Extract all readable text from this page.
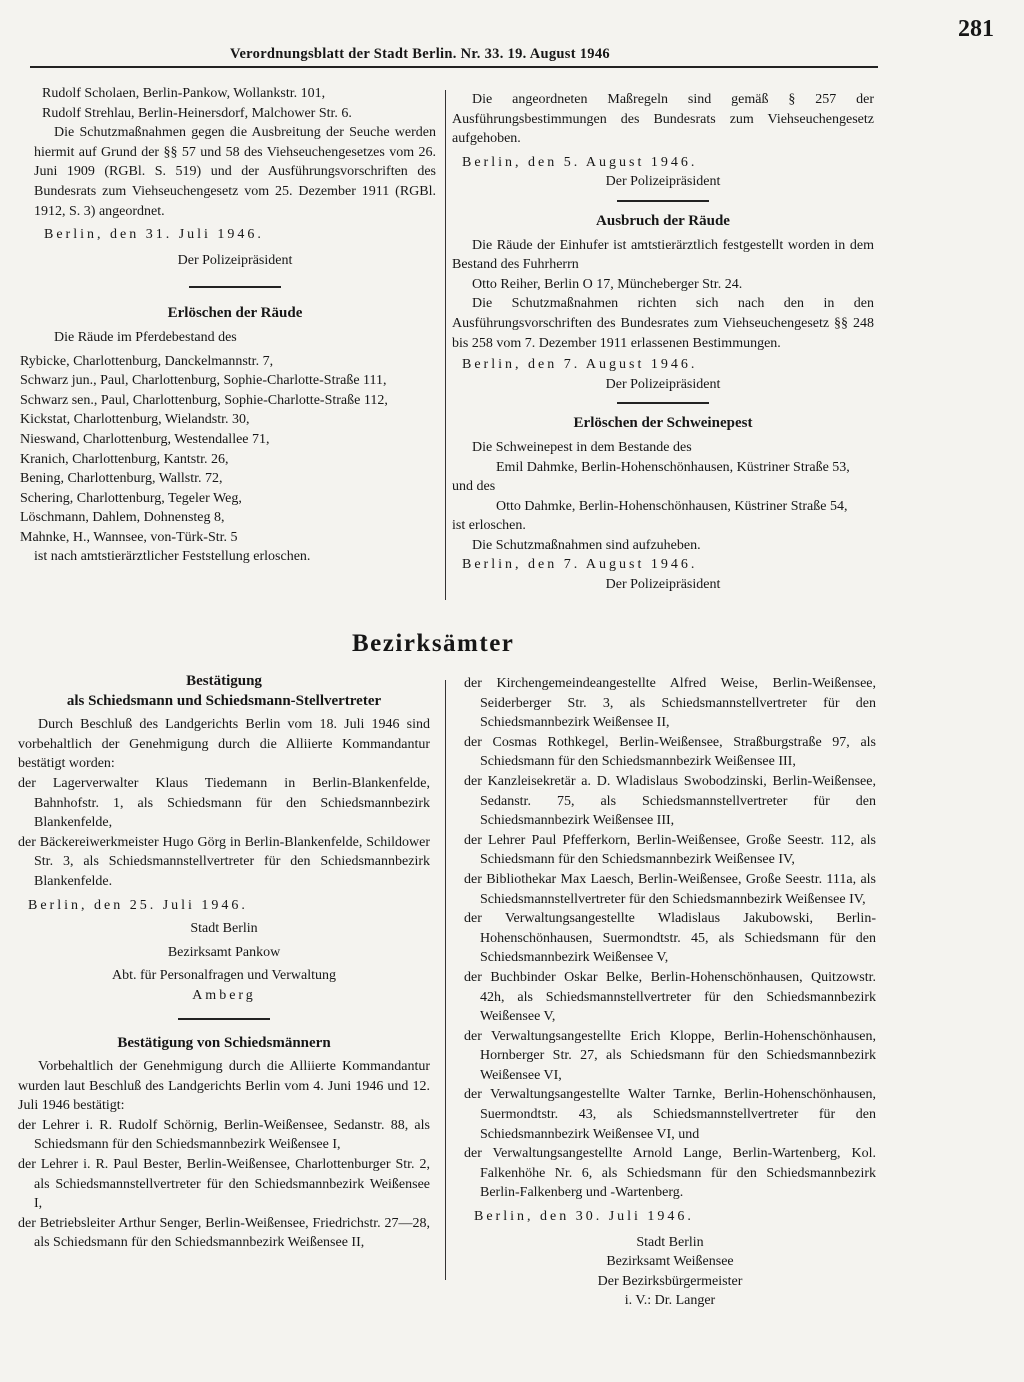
281
Verordnungsblatt der Stadt Berlin. Nr. 33. 19. August 1946

Rudolf Scholaen, Berlin-Pankow, Wollankstr. 101,

Rudolf Strehlau, Berlin-Heinersdorf, Malchower Str. 6.

Die Schutzmaßnahmen gegen die Ausbreitung der Seuche werden hiermit auf Grund der §§ 57 und 58 des Viehseuchengesetzes vom 26. Juni 1909 (RGBl. S. 519) und der Ausführungsvorschriften des Bundesrats zum Viehseuchengesetz vom 25. Dezember 1911 (RGBl. 1912, S. 3) angeordnet.

Berlin, den 31. Juli 1946.

Der Polizeipräsident

Erlöschen der Räude

Die Räude im Pferdebestand des

Rybicke, Charlottenburg, Danckelmannstr. 7,

Schwarz jun., Paul, Charlottenburg, Sophie-Charlotte-Straße 111,

Schwarz sen., Paul, Charlottenburg, Sophie-Charlotte-Straße 112,

Kickstat, Charlottenburg, Wielandstr. 30,

Nieswand, Charlottenburg, Westendallee 71,

Kranich, Charlottenburg, Kantstr. 26,

Bening, Charlottenburg, Wallstr. 72,

Schering, Charlottenburg, Tegeler Weg,

Löschmann, Dahlem, Dohnensteg 8,

Mahnke, H., Wannsee, von-Türk-Str. 5

ist nach amtstierärztlicher Feststellung erloschen.

Die angeordneten Maßregeln sind gemäß § 257 der Ausführungsbestimmungen des Bundesrats zum Viehseuchengesetz aufgehoben.

Berlin, den 5. August 1946.

Der Polizeipräsident

Ausbruch der Räude

Die Räude der Einhufer ist amtstierärztlich festgestellt worden in dem Bestand des Fuhrherrn

Otto Reiher, Berlin O 17, Müncheberger Str. 24.

Die Schutzmaßnahmen richten sich nach den in den Ausführungsvorschriften des Bundesrates zum Viehseuchengesetz §§ 248 bis 258 vom 7. Dezember 1911 erlassenen Bestimmungen.

Berlin, den 7. August 1946.

Der Polizeipräsident

Erlöschen der Schweinepest

Die Schweinepest in dem Bestande des

Emil Dahmke, Berlin-Hohenschönhausen, Küstriner Straße 53,

und des

Otto Dahmke, Berlin-Hohenschönhausen, Küstriner Straße 54,

ist erloschen.

Die Schutzmaßnahmen sind aufzuheben.

Berlin, den 7. August 1946.

Der Polizeipräsident

Bezirksämter

Bestätigung

als Schiedsmann und Schiedsmann-Stellvertreter

Durch Beschluß des Landgerichts Berlin vom 18. Juli 1946 sind vorbehaltlich der Genehmigung durch die Alliierte Kommandantur bestätigt worden:

der Lagerverwalter Klaus Tiedemann in Berlin-Blankenfelde, Bahnhofstr. 1, als Schiedsmann für den Schiedsmannbezirk Blankenfelde,

der Bäckereiwerkmeister Hugo Görg in Berlin-Blankenfelde, Schildower Str. 3, als Schiedsmannstellvertreter für den Schiedsmannbezirk Blankenfelde.

Berlin, den 25. Juli 1946.

Stadt Berlin

Bezirksamt Pankow

Abt. für Personalfragen und Verwaltung

Amberg

Bestätigung von Schiedsmännern

Vorbehaltlich der Genehmigung durch die Alliierte Kommandantur wurden laut Beschluß des Landgerichts Berlin vom 4. Juni 1946 und 12. Juli 1946 bestätigt:

der Lehrer i. R. Rudolf Schörnig, Berlin-Weißensee, Sedanstr. 88, als Schiedsmann für den Schiedsmannbezirk Weißensee I,

der Lehrer i. R. Paul Bester, Berlin-Weißensee, Charlottenburger Str. 2, als Schiedsmannstellvertreter für den Schiedsmannbezirk Weißensee I,

der Betriebsleiter Arthur Senger, Berlin-Weißensee, Friedrichstr. 27—28, als Schiedsmann für den Schiedsmannbezirk Weißensee II,

der Kirchengemeindeangestellte Alfred Weise, Berlin-Weißensee, Seiderberger Str. 3, als Schiedsmannstellvertreter für den Schiedsmannbezirk Weißensee II,

der Cosmas Rothkegel, Berlin-Weißensee, Straßburgstraße 97, als Schiedsmann für den Schiedsmannbezirk Weißensee III,

der Kanzleisekretär a. D. Wladislaus Swobodzinski, Berlin-Weißensee, Sedanstr. 75, als Schiedsmannstellvertreter für den Schiedsmannbezirk Weißensee III,

der Lehrer Paul Pfefferkorn, Berlin-Weißensee, Große Seestr. 112, als Schiedsmann für den Schiedsmannbezirk Weißensee IV,

der Bibliothekar Max Laesch, Berlin-Weißensee, Große Seestr. 111a, als Schiedsmannstellvertreter für den Schiedsmannbezirk Weißensee IV,

der Verwaltungsangestellte Wladislaus Jakubowski, Berlin-Hohenschönhausen, Suermondtstr. 45, als Schiedsmann für den Schiedsmannbezirk Weißensee V,

der Buchbinder Oskar Belke, Berlin-Hohenschönhausen, Quitzowstr. 42h, als Schiedsmannstellvertreter für den Schiedsmannbezirk Weißensee V,

der Verwaltungsangestellte Erich Kloppe, Berlin-Hohenschönhausen, Hornberger Str. 27, als Schiedsmann für den Schiedsmannbezirk Weißensee VI,

der Verwaltungsangestellte Walter Tarnke, Berlin-Hohenschönhausen, Suermondtstr. 43, als Schiedsmannstellvertreter für den Schiedsmannbezirk Weißensee VI, und

der Verwaltungsangestellte Arnold Lange, Berlin-Wartenberg, Kol. Falkenhöhe Nr. 6, als Schiedsmann für den Schiedsmannbezirk Berlin-Falkenberg und -Wartenberg.

Berlin, den 30. Juli 1946.

Stadt Berlin

Bezirksamt Weißensee

Der Bezirksbürgermeister

i. V.: Dr. Langer
